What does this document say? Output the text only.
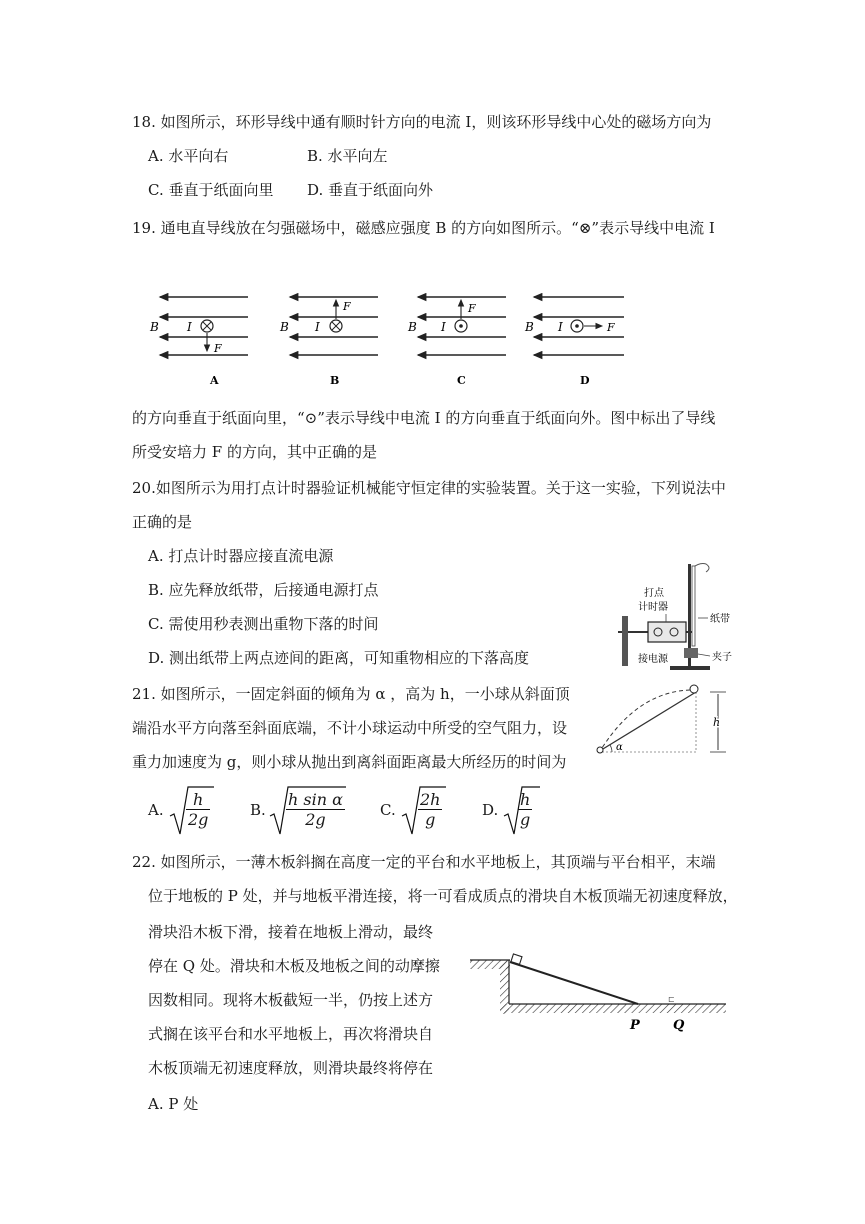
18. 如图所示，环形导线中通有顺时针方向的电流 I，则该环形导线中心处的磁场方向为
A. 水平向右	B. 水平向左
C. 垂直于纸面向里 D. 垂直于纸面向外
19. 通电直导线放在匀强磁场中，磁感应强度 B 的方向如图所示。“⊗”表示导线中电流 I
B I
F
A
B I
F
B
B I
F
C
B I	F
D
的方向垂直于纸面向里，“⊙”表示导线中电流 I 的方向垂直于纸面向外。图中标出了导线
所受安培力 F 的方向，其中正确的是
20.如图所示为用打点计时器验证机械能守恒定律的实验装置。关于这一实验，下列说法中
正确的是
A. 打点计时器应接直流电源
B. 应先释放纸带，后接通电源打点
C. 需使用秒表测出重物下落的时间
D. 测出纸带上两点迹间的距离，可知重物相应的下落高度
打点
计时器
纸带
接电源	夹子
21. 如图所示，一固定斜面的倾角为 α ，高为 h，一小球从斜面顶
端沿水平方向落至斜面底端，不计小球运动中所受的空气阻力，设
重力加速度为 g，则小球从抛出到离斜面距离最大所经历的时间为
α
h
A. $\frac{h}{2g}$	B. $\frac{\text{h sin α}}{2g} C$. $\frac{2h}{g}$	D. $\frac{h}{g}$
22. 如图所示，一薄木板斜搁在高度一定的平台和水平地板上，其顶端与平台相平，末端
位于地板的 P 处，并与地板平滑连接，将一可看成质点的滑块自木板顶端无初速度释放，
滑块沿木板下滑，接着在地板上滑动，最终
停在 Q 处。滑块和木板及地板之间的动摩擦
因数相同。现将木板截短一半，仍按上述方
式搁在该平台和水平地板上，再次将滑块自
木板顶端无初速度释放，则滑块最终将停在
A. P 处
⊏
P	Q
